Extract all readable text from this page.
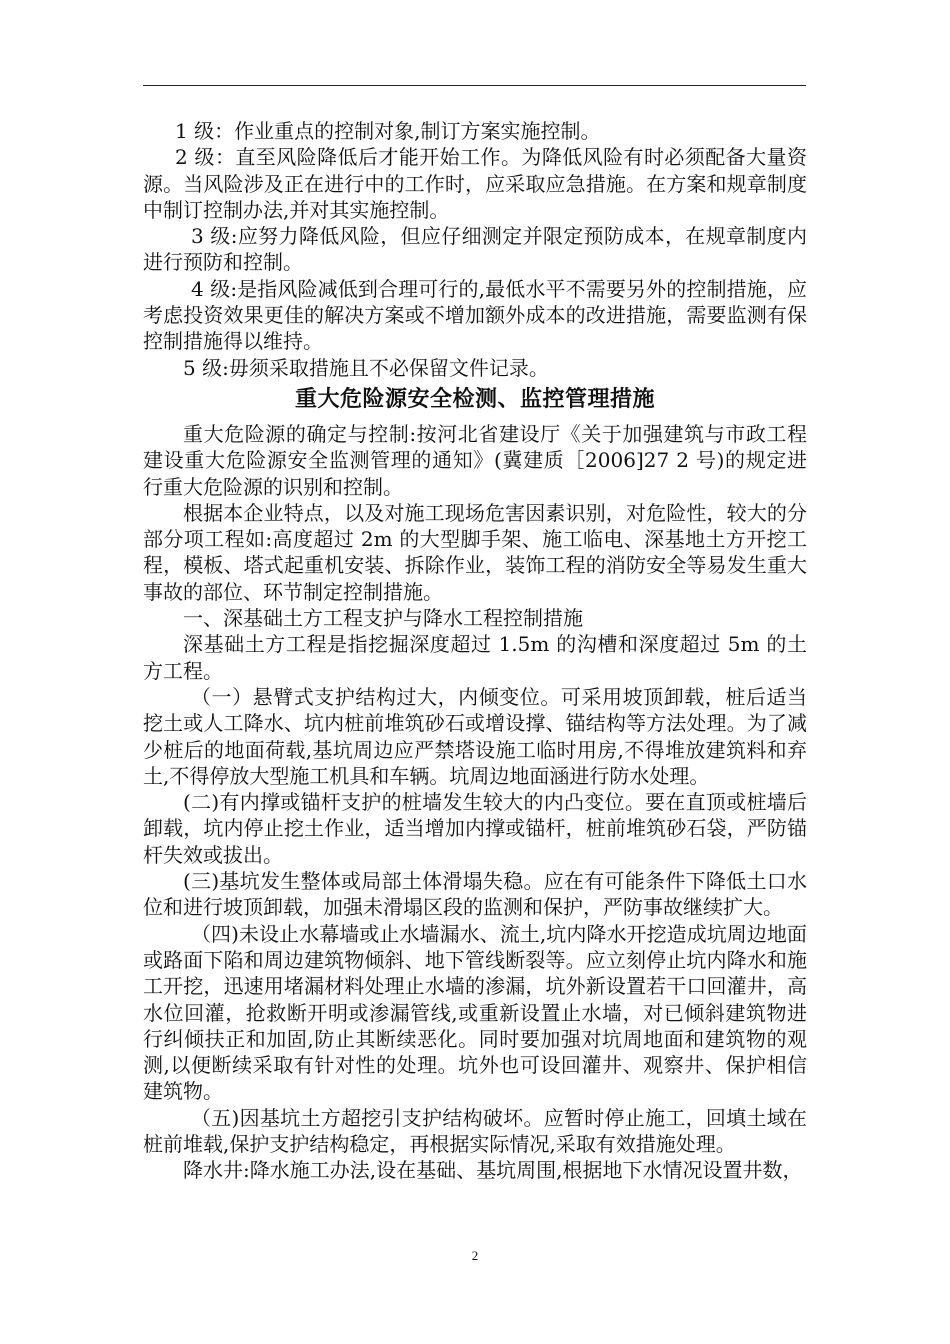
1 级：作业重点的控制对象,制订方案实施控制。

2 级：直至风险降低后才能开始工作。为降低风险有时必须配备大量资源。当风险涉及正在进行中的工作时，应采取应急措施。在方案和规章制度中制订控制办法,并对其实施控制。

3 级:应努力降低风险，但应仔细测定并限定预防成本，在规章制度内进行预防和控制。

4 级:是指风险减低到合理可行的,最低水平不需要另外的控制措施，应考虑投资效果更佳的解决方案或不增加额外成本的改进措施，需要监测有保控制措施得以维持。

5 级:毋须采取措施且不必保留文件记录。

重大危险源安全检测、监控管理措施

重大危险源的确定与控制:按河北省建设厅《关于加强建筑与市政工程建设重大危险源安全监测管理的通知》(冀建质［2006]27 2 号)的规定进行重大危险源的识别和控制。

根据本企业特点，以及对施工现场危害因素识别，对危险性，较大的分部分项工程如:高度超过 2m 的大型脚手架、施工临电、深基地土方开挖工程，模板、塔式起重机安装、拆除作业，装饰工程的消防安全等易发生重大事故的部位、环节制定控制措施。

一、深基础土方工程支护与降水工程控制措施

深基础土方工程是指挖掘深度超过 1.5m 的沟槽和深度超过 5m 的土方工程。

（一）悬臂式支护结构过大，内倾变位。可采用坡顶卸载，桩后适当挖土或人工降水、坑内桩前堆筑砂石或增设撑、锚结构等方法处理。为了减少桩后的地面荷载,基坑周边应严禁塔设施工临时用房,不得堆放建筑料和弃土,不得停放大型施工机具和车辆。坑周边地面涵进行防水处理。

(二)有内撑或锚杆支护的桩墙发生较大的内凸变位。要在直顶或桩墙后卸载，坑内停止挖土作业，适当增加内撑或锚杆，桩前堆筑砂石袋，严防锚杆失效或拔出。

(三)基坑发生整体或局部土体滑塌失稳。应在有可能条件下降低土口水位和进行坡顶卸载，加强未滑塌区段的监测和保护，严防事故继续扩大。

（四)未设止水幕墙或止水墙漏水、流土,坑内降水开挖造成坑周边地面或路面下陷和周边建筑物倾斜、地下管线断裂等。应立刻停止坑内降水和施工开挖，迅速用堵漏材料处理止水墙的渗漏，坑外新设置若干口回灌井，高水位回灌，抢救断开明或渗漏管线,或重新设置止水墙，对已倾斜建筑物进行纠倾扶正和加固,防止其断续恶化。同时要加强对坑周地面和建筑物的观测,以便断续采取有针对性的处理。坑外也可设回灌井、观察井、保护相信建筑物。

（五)因基坑土方超挖引支护结构破坏。应暂时停止施工，回填土域在桩前堆载,保护支护结构稳定，再根据实际情况,采取有效措施处理。

降水井:降水施工办法,设在基础、基坑周围,根据地下水情况设置井数，

2
